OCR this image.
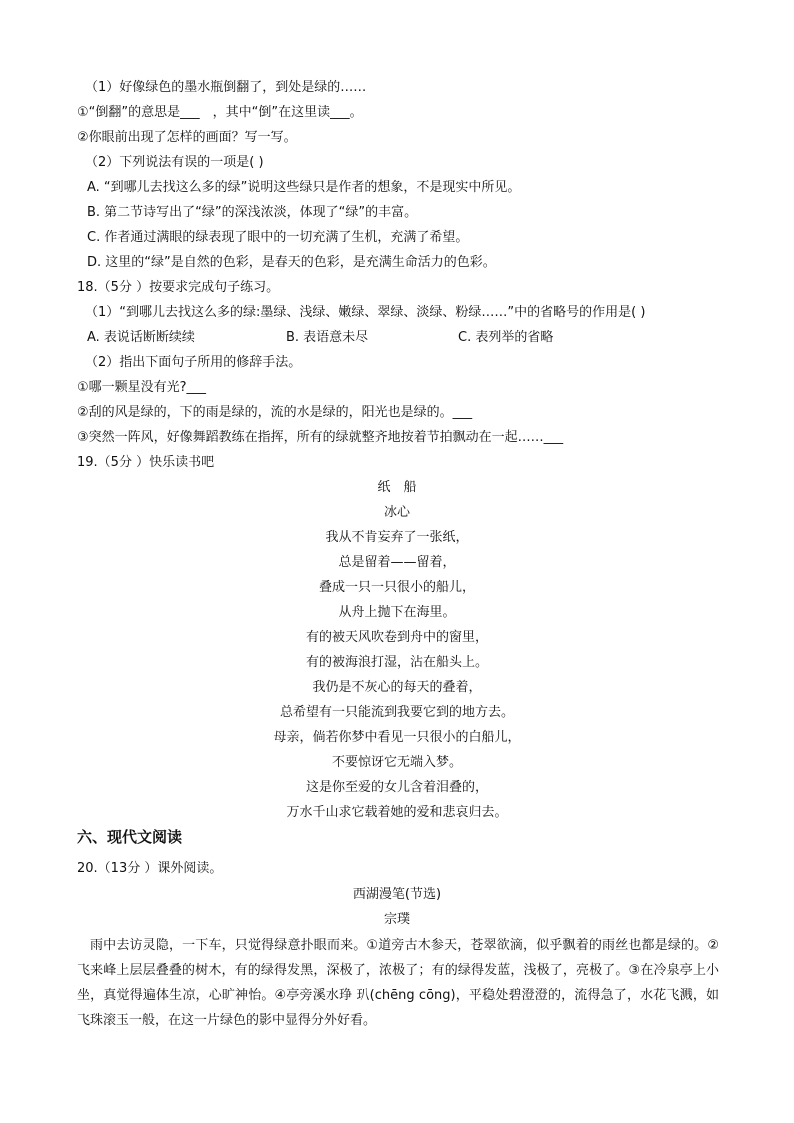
（1）好像绿色的墨水瓶倒翻了，到处是绿的……

①“倒翻”的意思是___　，其中“倒”在这里读___。

②你眼前出现了怎样的画面？写一写。

（2）下列说法有误的一项是( )

A. “到哪儿去找这么多的绿”说明这些绿只是作者的想象，不是现实中所见。

B. 第二节诗写出了“绿”的深浅浓淡，体现了“绿”的丰富。

C. 作者通过满眼的绿表现了眼中的一切充满了生机，充满了希望。

D. 这里的“绿”是自然的色彩，是春天的色彩，是充满生命活力的色彩。

18.（5分 ）按要求完成句子练习。

（1）“到哪儿去找这么多的绿:墨绿、浅绿、嫩绿、翠绿、淡绿、粉绿……”中的省略号的作用是( )

A. 表说话断断续续	B. 表语意未尽	C. 表列举的省略

（2）指出下面句子所用的修辞手法。

①哪一颗星没有光?___

②刮的风是绿的，下的雨是绿的，流的水是绿的，阳光也是绿的。___

③突然一阵风，好像舞蹈教练在指挥，所有的绿就整齐地按着节拍飘动在一起……___

19.（5分 ）快乐读书吧

纸　船

冰心

我从不肯妄弃了一张纸，

总是留着——留着，

叠成一只一只很小的船儿，

从舟上抛下在海里。

有的被天风吹卷到舟中的窗里，

有的被海浪打湿，沾在船头上。

我仍是不灰心的每天的叠着，

总希望有一只能流到我要它到的地方去。

母亲，倘若你梦中看见一只很小的白船儿，

不要惊讶它无端入梦。

这是你至爱的女儿含着泪叠的，

万水千山求它载着她的爱和悲哀归去。

六、现代文阅读

20.（13分 ）课外阅读。

西湖漫笔(节选)

宗璞

雨中去访灵隐，一下车，只觉得绿意扑眼而来。①道旁古木参天，苍翠欲滴，似乎飘着的雨丝也都是绿的。②飞来峰上层层叠叠的树木，有的绿得发黑，深极了，浓极了；有的绿得发蓝，浅极了，亮极了。③在冷泉亭上小坐，真觉得遍体生凉，心旷神怡。④亭旁溪水琤 玐(chēng cōng)，平稳处碧澄澄的，流得急了，水花飞溅，如飞珠滚玉一般，在这一片绿色的影中显得分外好看。
